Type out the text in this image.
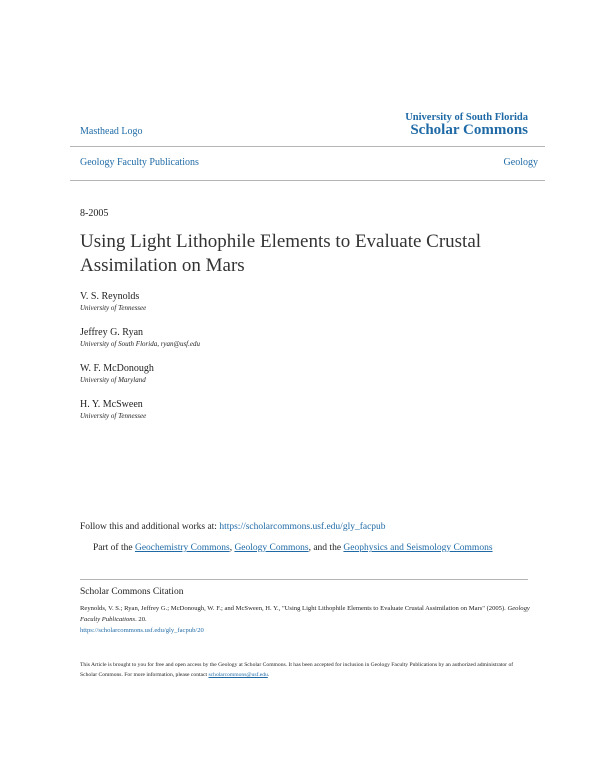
Masthead Logo
University of South Florida
Scholar Commons
Geology Faculty Publications	Geology
8-2005
Using Light Lithophile Elements to Evaluate Crustal Assimilation on Mars
V. S. Reynolds
University of Tennessee
Jeffrey G. Ryan
University of South Florida, ryan@usf.edu
W. F. McDonough
University of Maryland
H. Y. McSween
University of Tennessee
Follow this and additional works at: https://scholarcommons.usf.edu/gly_facpub
Part of the Geochemistry Commons, Geology Commons, and the Geophysics and Seismology Commons
Scholar Commons Citation
Reynolds, V. S.; Ryan, Jeffrey G.; McDonough, W. F.; and McSween, H. Y., "Using Light Lithophile Elements to Evaluate Crustal Assimilation on Mars" (2005). Geology Faculty Publications. 20.
https://scholarcommons.usf.edu/gly_facpub/20
This Article is brought to you for free and open access by the Geology at Scholar Commons. It has been accepted for inclusion in Geology Faculty Publications by an authorized administrator of Scholar Commons. For more information, please contact scholarcommons@usf.edu.
